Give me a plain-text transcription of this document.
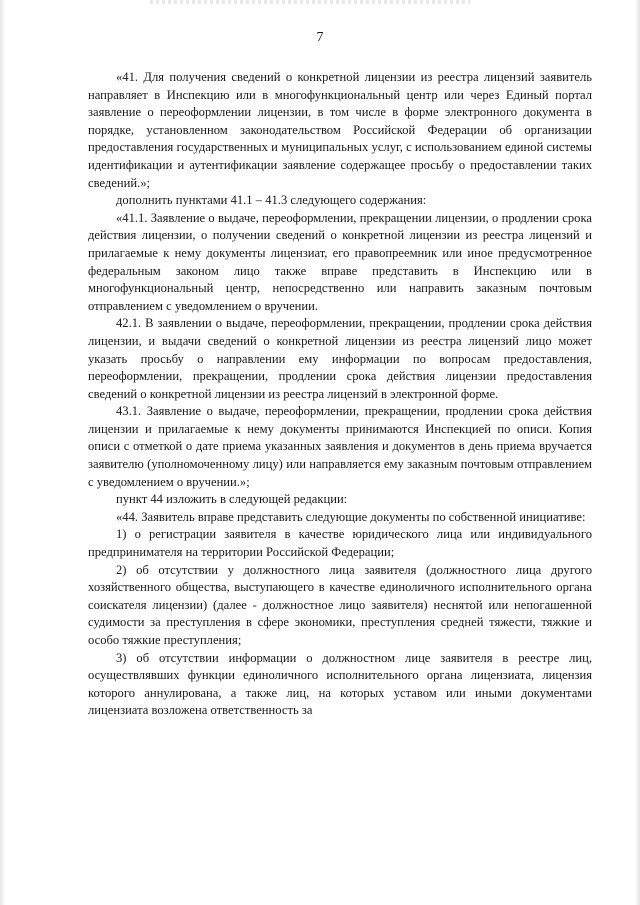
7

«41. Для получения сведений о конкретной лицензии из реестра лицензий заявитель направляет в Инспекцию или в многофункциональный центр или через Единый портал заявление о переоформлении лицензии, в том числе в форме электронного документа в порядке, установленном законодательством Российской Федерации об организации предоставления государственных и муниципальных услуг, с использованием единой системы идентификации и аутентификации заявление содержащее просьбу о предоставлении таких сведений.»;

дополнить пунктами 41.1 – 41.3 следующего содержания:

«41.1. Заявление о выдаче, переоформлении, прекращении лицензии, о продлении срока действия лицензии, о получении сведений о конкретной лицензии из реестра лицензий и прилагаемые к нему документы лицензиат, его правопреемник или иное предусмотренное федеральным законом лицо также вправе представить в Инспекцию или в многофункциональный центр, непосредственно или направить заказным почтовым отправлением с уведомлением о вручении.

42.1. В заявлении о выдаче, переоформлении, прекращении, продлении срока действия лицензии, и выдачи сведений о конкретной лицензии из реестра лицензий лицо может указать просьбу о направлении ему информации по вопросам предоставления, переоформлении, прекращении, продлении срока действия лицензии предоставления сведений о конкретной лицензии из реестра лицензий в электронной форме.

43.1. Заявление о выдаче, переоформлении, прекращении, продлении срока действия лицензии и прилагаемые к нему документы принимаются Инспекцией по описи. Копия описи с отметкой о дате приема указанных заявления и документов в день приема вручается заявителю (уполномоченному лицу) или направляется ему заказным почтовым отправлением с уведомлением о вручении.»;

пункт 44 изложить в следующей редакции:

«44. Заявитель вправе представить следующие документы по собственной инициативе:

1) о регистрации заявителя в качестве юридического лица или индивидуального предпринимателя на территории Российской Федерации;

2) об отсутствии у должностного лица заявителя (должностного лица другого хозяйственного общества, выступающего в качестве единоличного исполнительного органа соискателя лицензии) (далее - должностное лицо заявителя) неснятой или непогашенной судимости за преступления в сфере экономики, преступления средней тяжести, тяжкие и особо тяжкие преступления;

3) об отсутствии информации о должностном лице заявителя в реестре лиц, осуществлявших функции единоличного исполнительного органа лицензиата, лицензия которого аннулирована, а также лиц, на которых уставом или иными документами лицензиата возложена ответственность за
